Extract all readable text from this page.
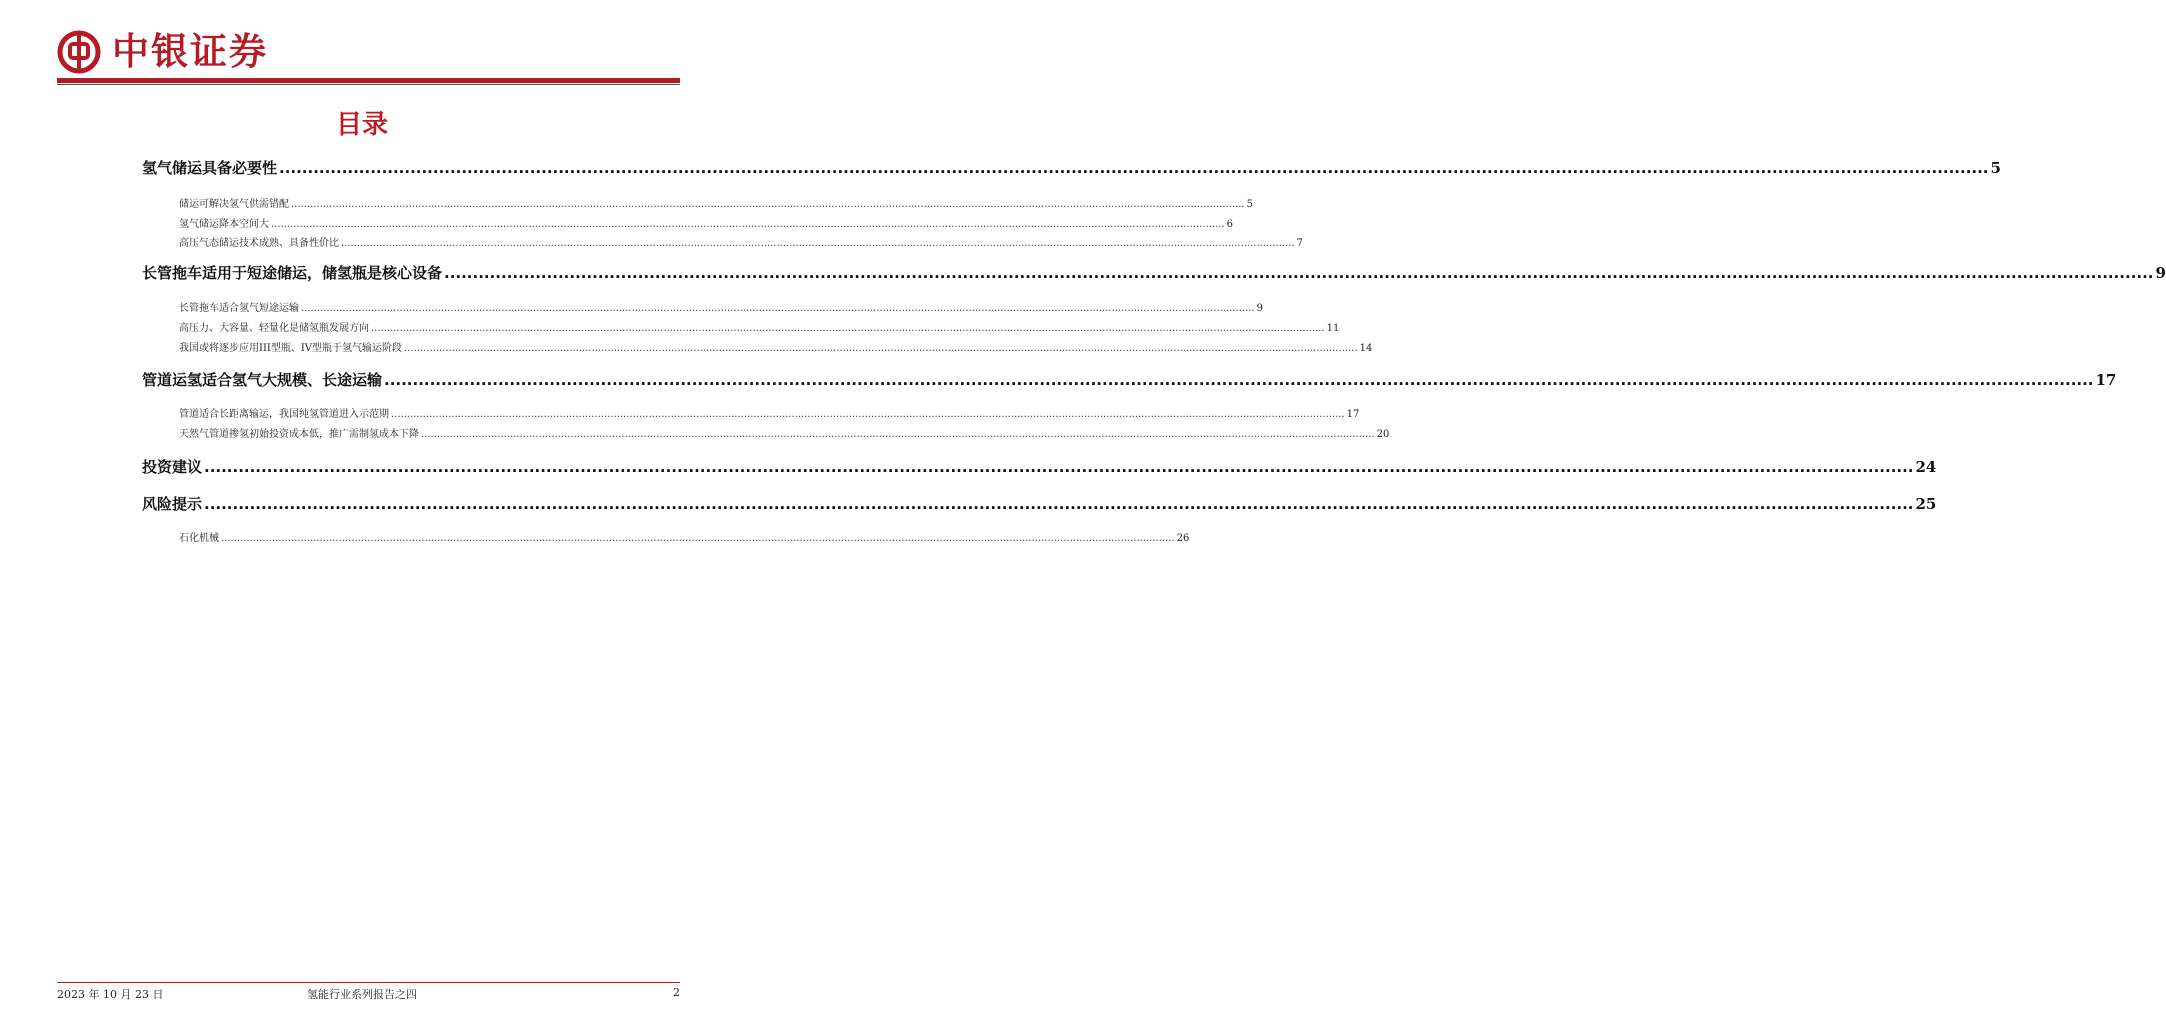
中银证券
目录
氢气储运具备必要性 ............................................................................................................................................................................................................................................................................................................ 5
储运可解决氢气供需错配 ............................................................................................................................................................................................................................................................................................................ 5
氢气储运降本空间大 ............................................................................................................................................................................................................................................................................................................ 6
高压气态储运技术成熟、具备性价比 ............................................................................................................................................................................................................................................................................................................ 7
长管拖车适用于短途储运，储氢瓶是核心设备 ............................................................................................................................................................................................................................................................................................................ 9
长管拖车适合氢气短途运输 ............................................................................................................................................................................................................................................................................................................ 9
高压力、大容量、轻量化是储氢瓶发展方向 ............................................................................................................................................................................................................................................................................................................ 11
我国或将逐步应用III型瓶、IV型瓶于氢气输运阶段 ............................................................................................................................................................................................................................................................................................................ 14
管道运氢适合氢气大规模、长途运输 ............................................................................................................................................................................................................................................................................................................ 17
管道适合长距离输运，我国纯氢管道进入示范期 ............................................................................................................................................................................................................................................................................................................ 17
天然气管道掺氢初始投资成本低，推广需制氢成本下降 ............................................................................................................................................................................................................................................................................................................ 20
投资建议 ............................................................................................................................................................................................................................................................................................................ 24
风险提示 ............................................................................................................................................................................................................................................................................................................ 25
石化机械 ............................................................................................................................................................................................................................................................................................................ 26
2023 年 10 月 23 日	氢能行业系列报告之四	2
